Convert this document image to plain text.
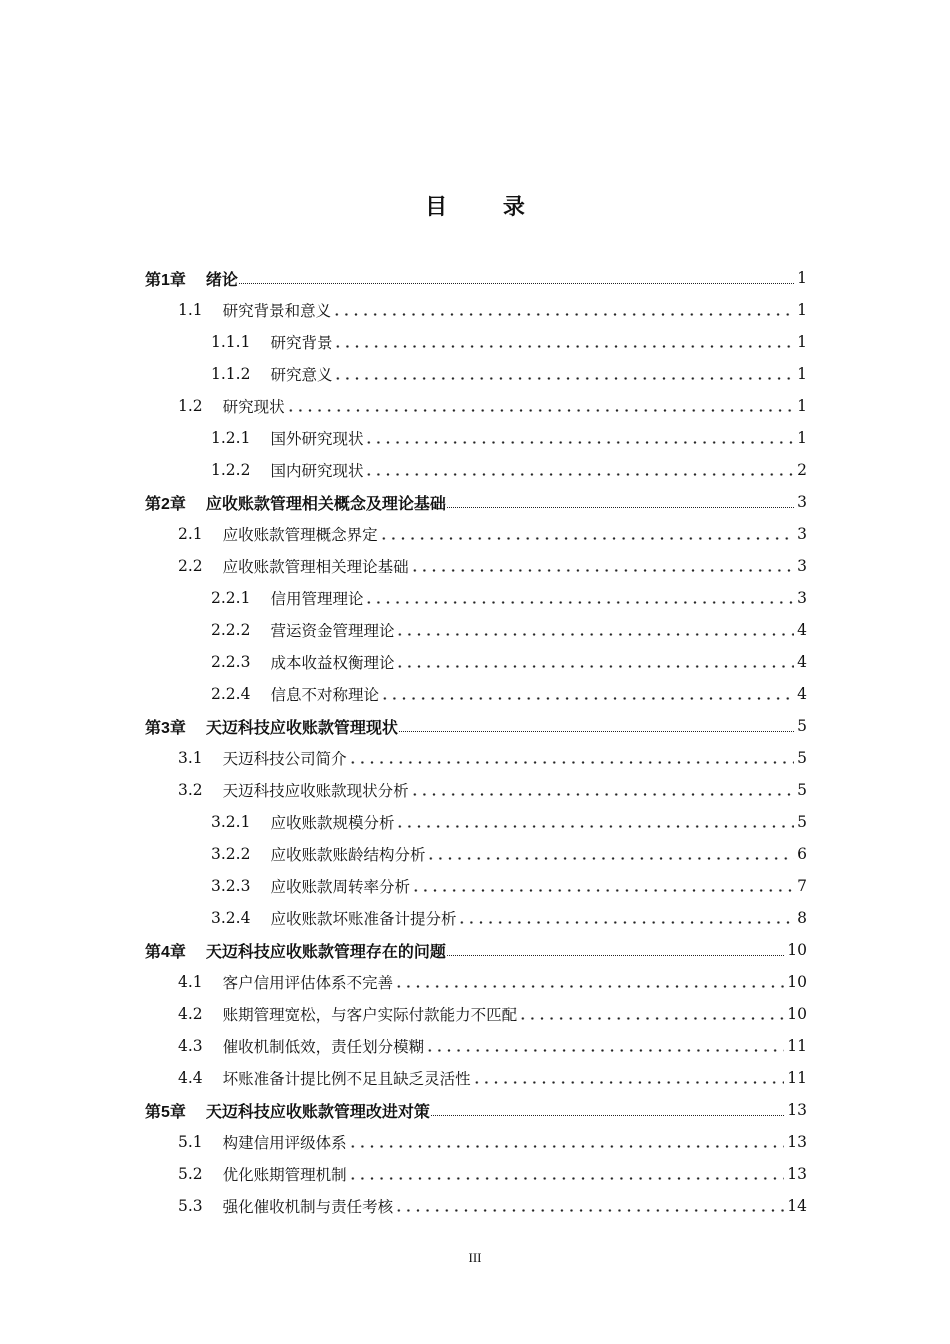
目 录
第1章 绪论	1
1.1 研究背景和意义	1
1.1.1 研究背景	1
1.1.2 研究意义	1
1.2 研究现状	1
1.2.1 国外研究现状	1
1.2.2 国内研究现状	2
第2章 应收账款管理相关概念及理论基础	3
2.1 应收账款管理概念界定	3
2.2 应收账款管理相关理论基础	3
2.2.1 信用管理理论	3
2.2.2 营运资金管理理论	4
2.2.3 成本收益权衡理论	4
2.2.4 信息不对称理论	4
第3章 天迈科技应收账款管理现状	5
3.1 天迈科技公司简介	5
3.2 天迈科技应收账款现状分析	5
3.2.1 应收账款规模分析	5
3.2.2 应收账款账龄结构分析	6
3.2.3 应收账款周转率分析	7
3.2.4 应收账款坏账准备计提分析	8
第4章 天迈科技应收账款管理存在的问题	10
4.1 客户信用评估体系不完善	10
4.2 账期管理宽松，与客户实际付款能力不匹配	10
4.3 催收机制低效，责任划分模糊	11
4.4 坏账准备计提比例不足且缺乏灵活性	11
第5章 天迈科技应收账款管理改进对策	13
5.1 构建信用评级体系	13
5.2 优化账期管理机制	13
5.3 强化催收机制与责任考核	14
III
